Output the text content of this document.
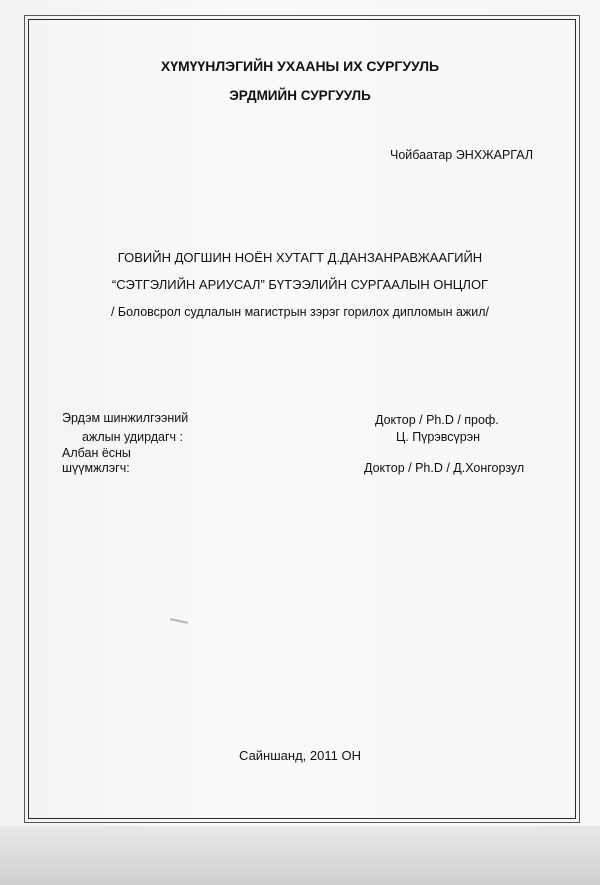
ХҮМҮҮНЛЭГИЙН УХААНЫ ИХ СУРГУУЛЬ
ЭРДМИЙН СУРГУУЛЬ
Чойбаатар ЭНХЖАРГАЛ
ГОВИЙН ДОГШИН НОЁН ХУТАГТ Д.ДАНЗАНРАВЖААГИЙН
“СЭТГЭЛИЙН АРИУСАЛ” БҮТЭЭЛИЙН СУРГААЛЫН ОНЦЛОГ
/ Боловсрол судлалын магистрын зэрэг горилох дипломын ажил/
Эрдэм шинжилгээний
ажлын удирдагч :
Албан ёсны
шүүмжлэгч:
Доктор / Ph.D / проф.
Ц. Пүрэвсүрэн
Доктор / Ph.D / Д.Хонгорзул
Сайншанд, 2011 ОН
